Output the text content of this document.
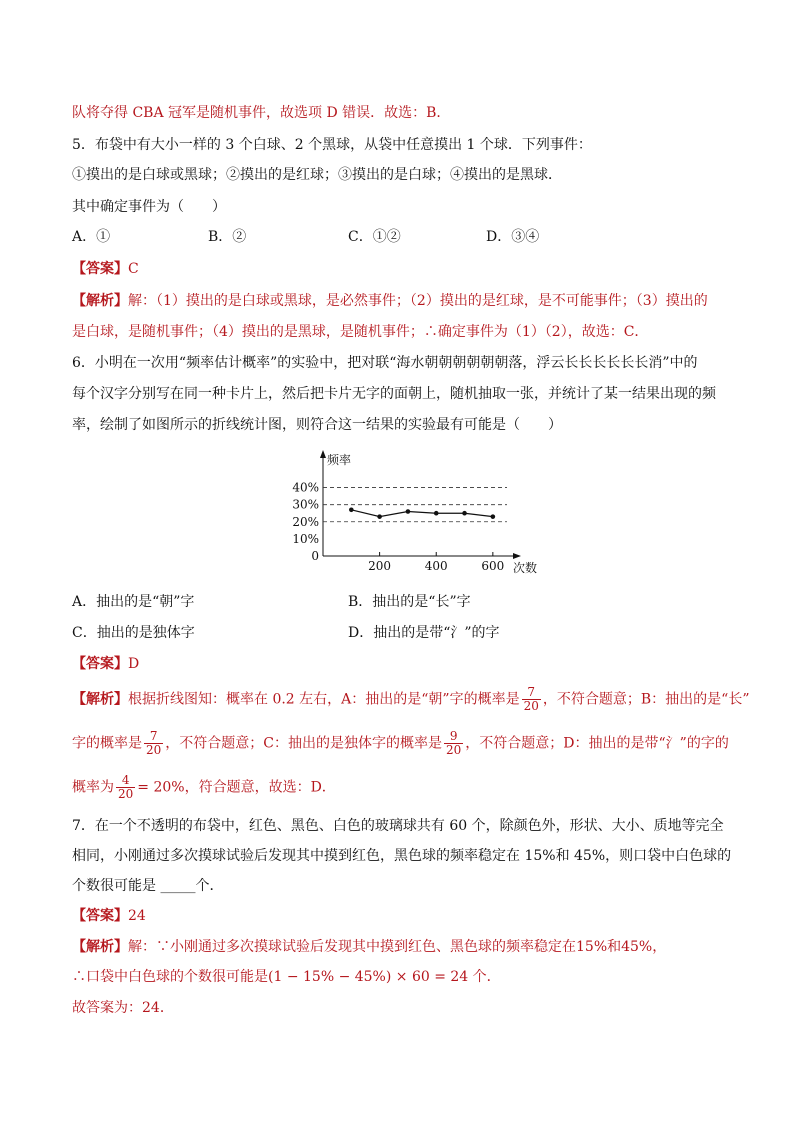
队将夺得 CBA 冠军是随机事件，故选项 D 错误．故选：B．
5．布袋中有大小一样的 3 个白球、2 个黑球，从袋中任意摸出 1 个球．下列事件：
①摸出的是白球或黑球；②摸出的是红球；③摸出的是白球；④摸出的是黑球．
其中确定事件为（　　）
A．①	B．②	C．①②	D．③④
【答案】C
【解析】解：（1）摸出的是白球或黑球，是必然事件；（2）摸出的是红球，是不可能事件；（3）摸出的
是白球，是随机事件；（4）摸出的是黑球，是随机事件；∴确定事件为（1）（2），故选：C．
6．小明在一次用“频率估计概率”的实验中，把对联“海水朝朝朝朝朝朝落，浮云长长长长长长消”中的
每个汉字分别写在同一种卡片上，然后把卡片无字的面朝上，随机抽取一张，并统计了某一结果出现的频
率，绘制了如图所示的折线统计图，则符合这一结果的实验最有可能是（　　）
0
10%
20%
30%
40%
200	400	600
频率
次数
A．抽出的是“朝”字	B．抽出的是“长”字
C．抽出的是独体字	D．抽出的是带“氵”的字
【答案】D
【解析】根据折线图知：概率在 0.2 左右，A：抽出的是“朝”字的概率是 $\frac{7}{20}$ ，不符合题意；B：抽出的是“长”
字的概率是 $\frac{7}{20}$ ，不符合题意；C：抽出的是独体字的概率是 $\frac{9}{20}$ ，不符合题意；D：抽出的是带“氵”的字的
概率为 $\frac{4}{20} = 20\%$，符合题意，故选：D．
7．在一个不透明的布袋中，红色、黑色、白色的玻璃球共有 60 个，除颜色外，形状、大小、质地等完全
相同，小刚通过多次摸球试验后发现其中摸到红色，黑色球的频率稳定在 15%和 45%，则口袋中白色球的
个数很可能是 _____个．
【答案】24
【解析】解：∵小刚通过多次摸球试验后发现其中摸到红色、黑色球的频率稳定在15%和45%，
∴口袋中白色球的个数很可能是(1 − 15% − 45%) × 60 = 24 个．
故答案为：24．
